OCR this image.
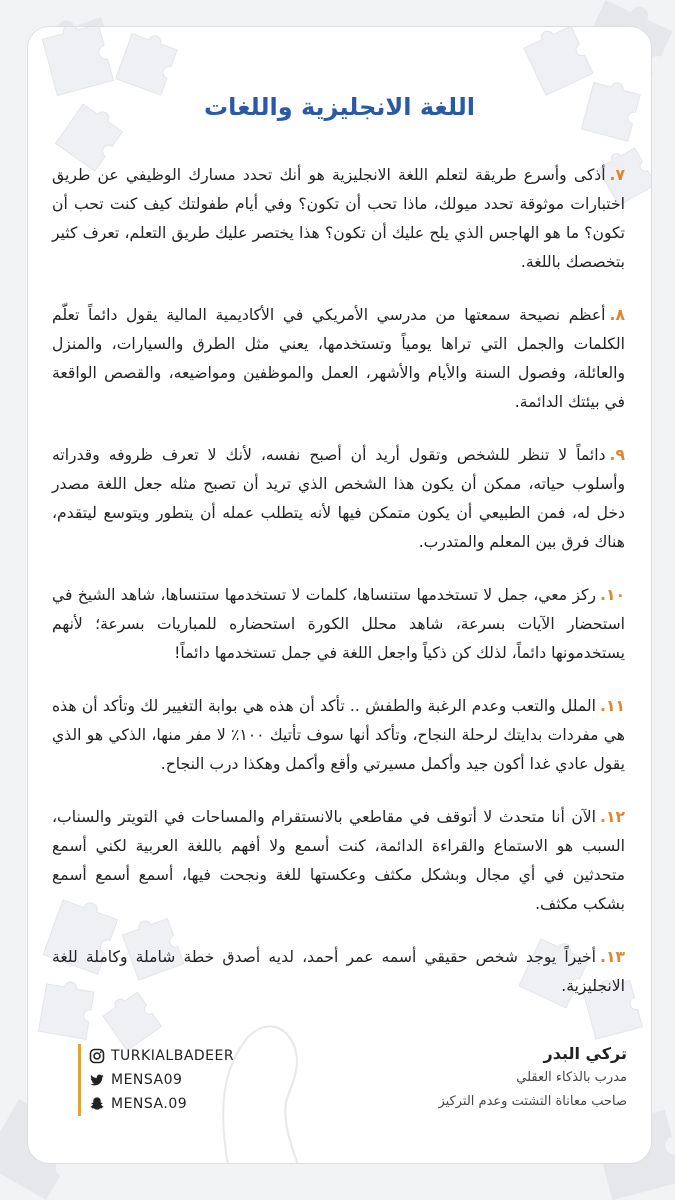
اللغة الانجليزية واللغات

٧.أذكى وأسرع طريقة لتعلم اللغة الانجليزية هو أنك تحدد مسارك الوظيفي عن طريق اختبارات موثوقة تحدد ميولك، ماذا تحب أن تكون؟ وفي أيام طفولتك كيف كنت تحب أن تكون؟ ما هو الهاجس الذي يلح عليك أن تكون؟ هذا يختصر عليك طريق التعلم، تعرف كثير بتخصصك باللغة.

٨.أعظم نصيحة سمعتها من مدرسي الأمريكي في الأكاديمية المالية يقول دائماً تعلّم الكلمات والجمل التي تراها يومياً وتستخدمها، يعني مثل الطرق والسيارات، والمنزل والعائلة، وفصول السنة والأيام والأشهر، العمل والموظفين ومواضيعه، والقصص الواقعة في بيئتك الدائمة.

٩.دائماً لا تنظر للشخص وتقول أريد أن أصبح نفسه، لأنك لا تعرف ظروفه وقدراته وأسلوب حياته، ممكن أن يكون هذا الشخص الذي تريد أن تصبح مثله جعل اللغة مصدر دخل له، فمن الطبيعي أن يكون متمكن فيها لأنه يتطلب عمله أن يتطور ويتوسع ليتقدم، هناك فرق بين المعلم والمتدرب.

١٠.ركز معي، جمل لا تستخدمها ستنساها، كلمات لا تستخدمها ستنساها، شاهد الشيخ في استحضار الآيات بسرعة، شاهد محلل الكورة استحضاره للمباريات بسرعة؛ لأنهم يستخدمونها دائماً، لذلك كن ذكياً واجعل اللغة في جمل تستخدمها دائماً!

١١.الملل والتعب وعدم الرغبة والطفش .. تأكد أن هذه هي بوابة التغيير لك وتأكد أن هذه هي مفردات بدايتك لرحلة النجاح، وتأكد أنها سوف تأتيك ١٠٠٪ لا مفر منها، الذكي هو الذي يقول عادي غدا أكون جيد وأكمل مسيرتي وأقع وأكمل وهكذا درب النجاح.

١٢.الآن أنا متحدث لا أتوقف في مقاطعي بالانستقرام والمساحات في التويتر والسناب، السبب هو الاستماع والقراءة الدائمة، كنت أسمع ولا أفهم باللغة العربية لكني أسمع متحدثين في أي مجال وبشكل مكثف وعكستها للغة ونجحت فيها، أسمع أسمع أسمع بشكب مكثف.

١٣.أخيراً يوجد شخص حقيقي أسمه عمر أحمد، لديه أصدق خطة شاملة وكاملة للغة الانجليزية.

تركي البدر
مدرب بالذكاء العقلي
صاحب معاناة التشتت وعدم التركيز
TURKIALBADEER
MENSA09
MENSA.09
